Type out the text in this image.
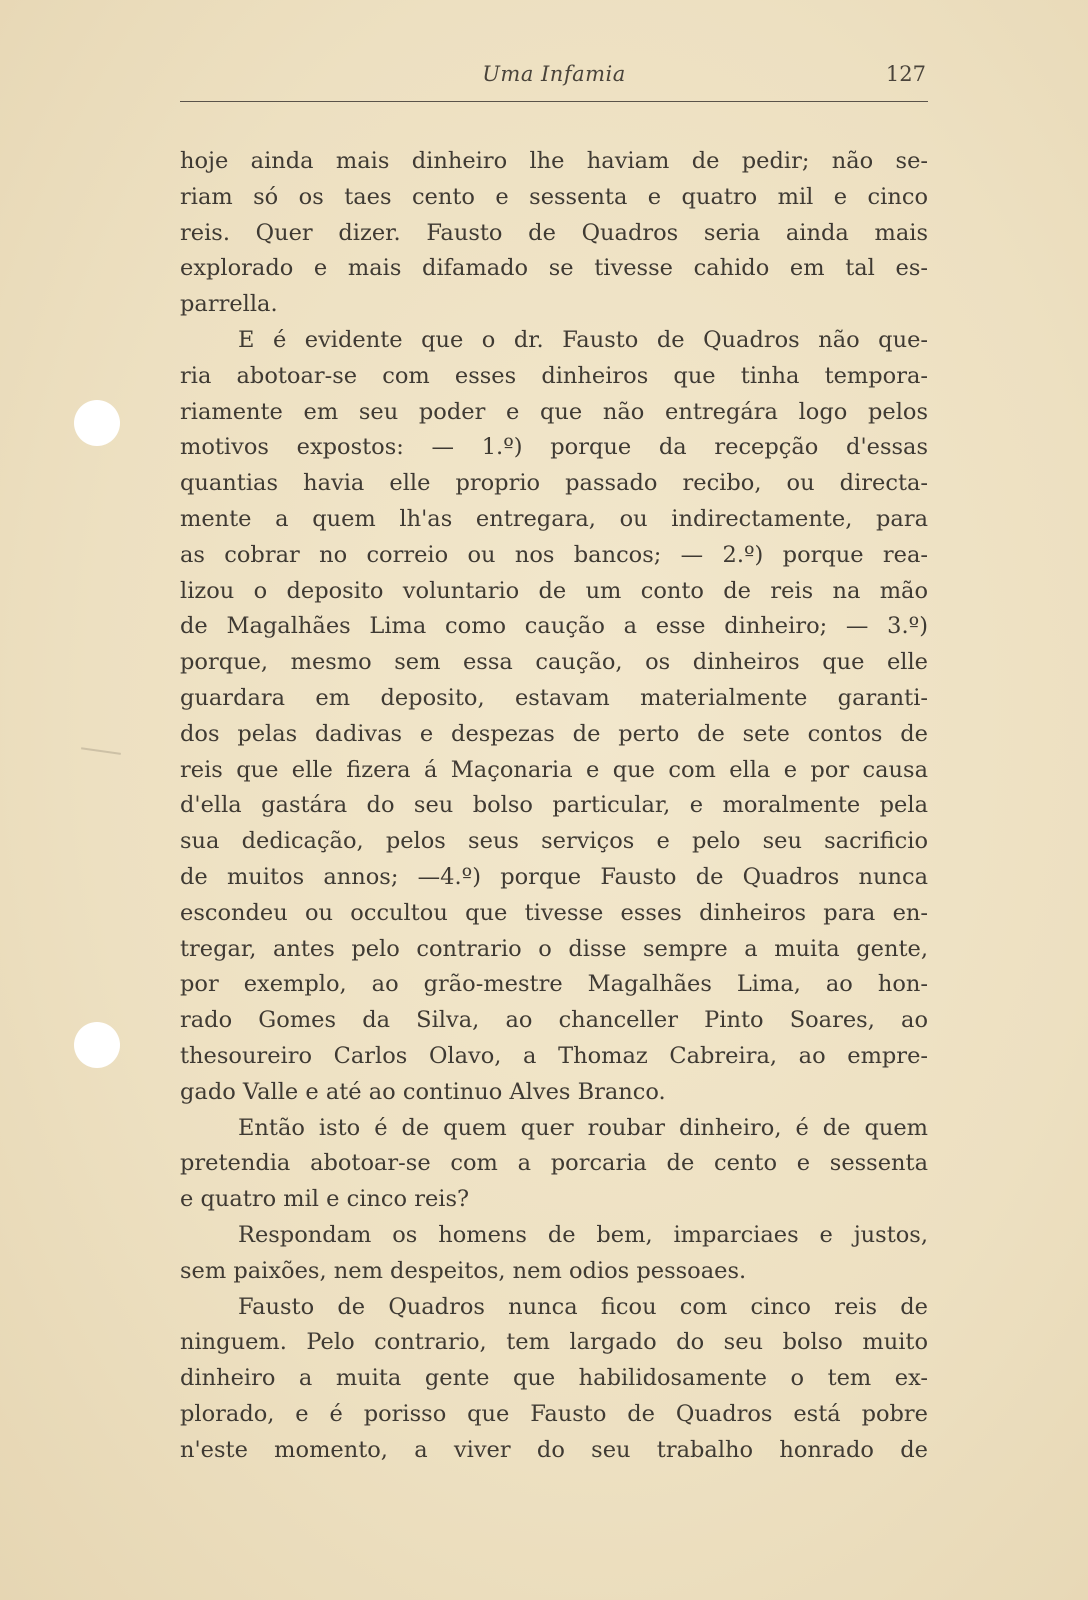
Uma Infamia	127
hoje ainda mais dinheiro lhe haviam de pedir; não se-
riam só os taes cento e sessenta e quatro mil e cinco
reis. Quer dizer. Fausto de Quadros seria ainda mais
explorado e mais difamado se tivesse cahido em tal es-
parrella.
E é evidente que o dr. Fausto de Quadros não que-
ria abotoar-se com esses dinheiros que tinha tempora-
riamente em seu poder e que não entregára logo pelos
motivos expostos: — 1.º) porque da recepção d'essas
quantias havia elle proprio passado recibo, ou directa-
mente a quem lh'as entregara, ou indirectamente, para
as cobrar no correio ou nos bancos; — 2.º) porque rea-
lizou o deposito voluntario de um conto de reis na mão
de Magalhães Lima como caução a esse dinheiro; — 3.º)
porque, mesmo sem essa caução, os dinheiros que elle
guardara em deposito, estavam materialmente garanti-
dos pelas dadivas e despezas de perto de sete contos de
reis que elle fizera á Maçonaria e que com ella e por causa
d'ella gastára do seu bolso particular, e moralmente pela
sua dedicação, pelos seus serviços e pelo seu sacrificio
de muitos annos; —4.º) porque Fausto de Quadros nunca
escondeu ou occultou que tivesse esses dinheiros para en-
tregar, antes pelo contrario o disse sempre a muita gente,
por exemplo, ao grão-mestre Magalhães Lima, ao hon-
rado Gomes da Silva, ao chanceller Pinto Soares, ao
thesoureiro Carlos Olavo, a Thomaz Cabreira, ao empre-
gado Valle e até ao continuo Alves Branco.
Então isto é de quem quer roubar dinheiro, é de quem
pretendia abotoar-se com a porcaria de cento e sessenta
e quatro mil e cinco reis?
Respondam os homens de bem, imparciaes e justos,
sem paixões, nem despeitos, nem odios pessoaes.
Fausto de Quadros nunca ficou com cinco reis de
ninguem. Pelo contrario, tem largado do seu bolso muito
dinheiro a muita gente que habilidosamente o tem ex-
plorado, e é porisso que Fausto de Quadros está pobre
n'este momento, a viver do seu trabalho honrado de
